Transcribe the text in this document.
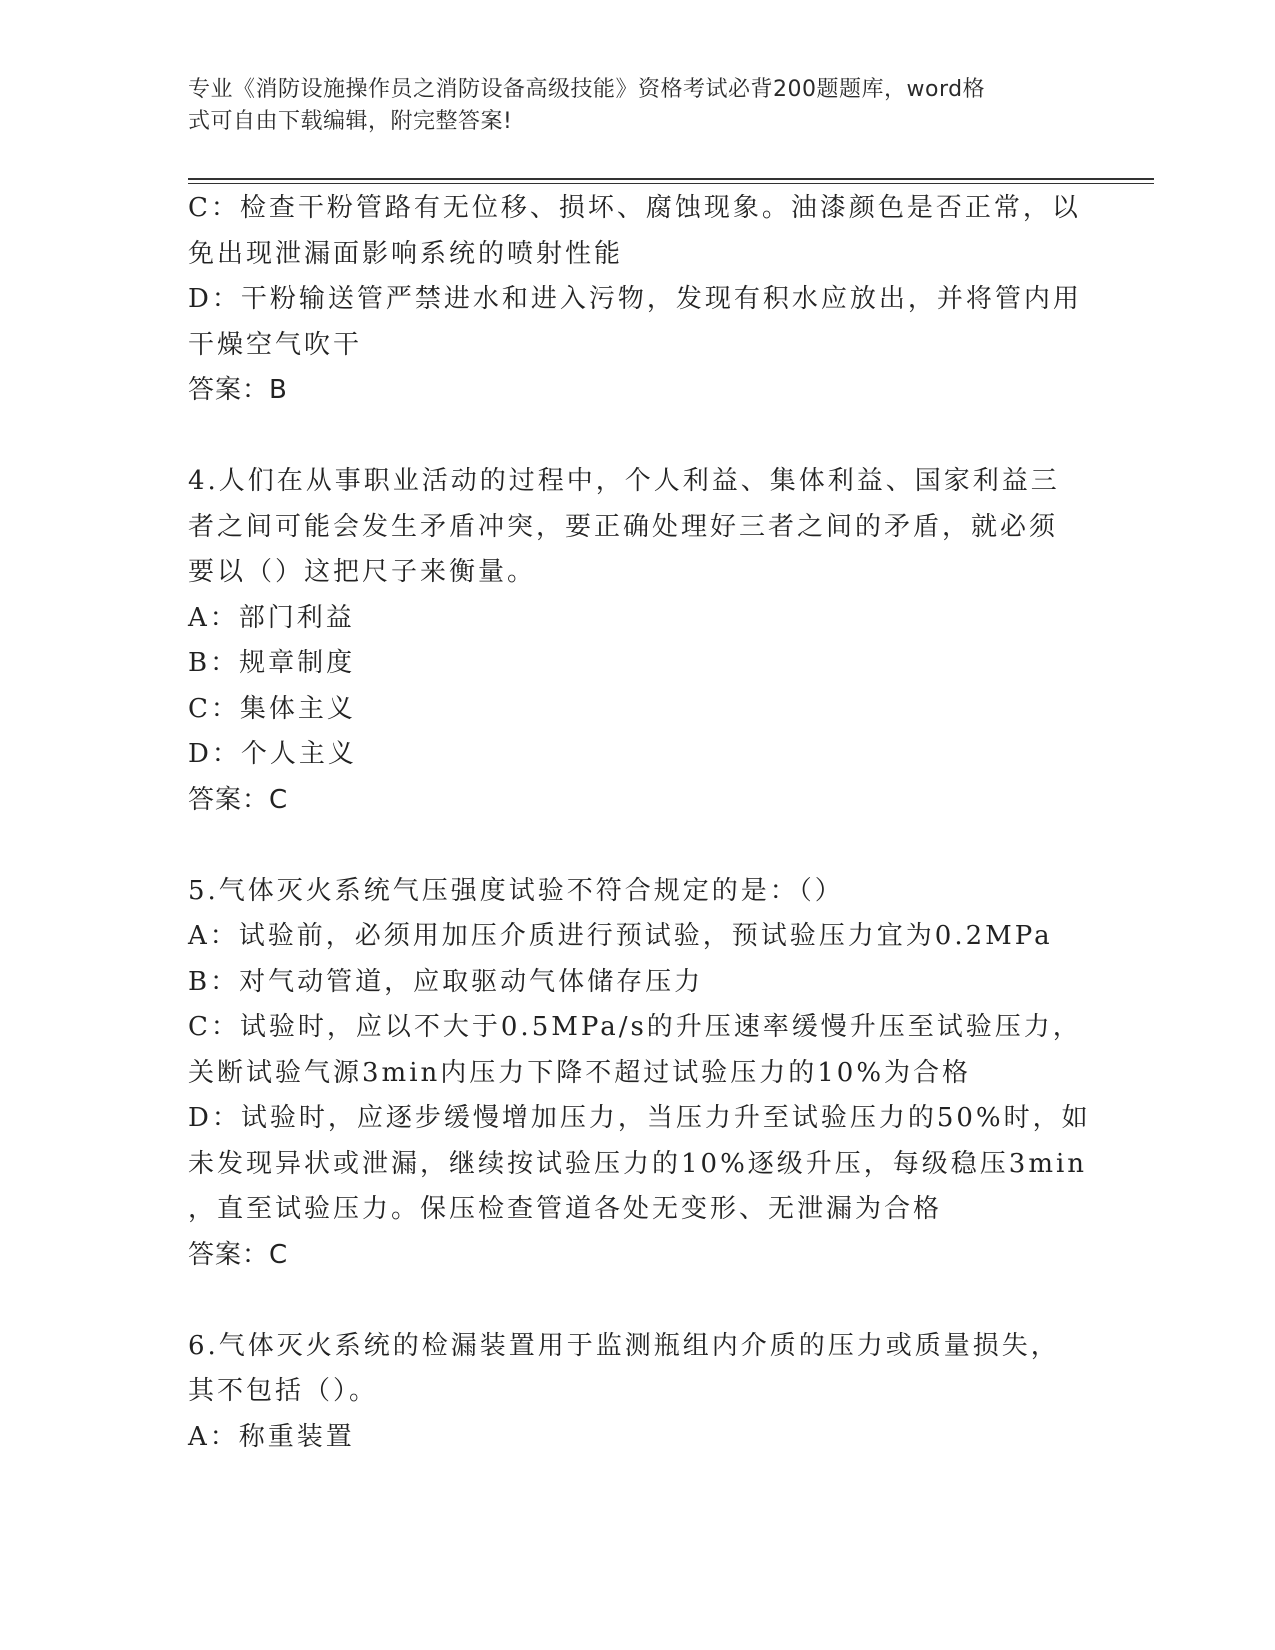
专业《消防设施操作员之消防设备高级技能》资格考试必背200题题库，word格
式可自由下载编辑，附完整答案!
C：检查干粉管路有无位移、损坏、腐蚀现象。油漆颜色是否正常，以
免出现泄漏面影响系统的喷射性能
D：干粉输送管严禁进水和进入污物，发现有积水应放出，并将管内用
干燥空气吹干
答案：B
4.人们在从事职业活动的过程中，个人利益、集体利益、国家利益三
者之间可能会发生矛盾冲突，要正确处理好三者之间的矛盾，就必须
要以（）这把尺子来衡量。
A：部门利益
B：规章制度
C：集体主义
D：个人主义
答案：C
5.气体灭火系统气压强度试验不符合规定的是：（）
A：试验前，必须用加压介质进行预试验，预试验压力宜为0.2MPa
B：对气动管道，应取驱动气体储存压力
C：试验时，应以不大于0.5MPa/s的升压速率缓慢升压至试验压力，
关断试验气源3min内压力下降不超过试验压力的10%为合格
D：试验时，应逐步缓慢增加压力，当压力升至试验压力的50%时，如
未发现异状或泄漏，继续按试验压力的10%逐级升压，每级稳压3min
，直至试验压力。保压检查管道各处无变形、无泄漏为合格
答案：C
6.气体灭火系统的检漏装置用于监测瓶组内介质的压力或质量损失，
其不包括（）。
A：称重装置
